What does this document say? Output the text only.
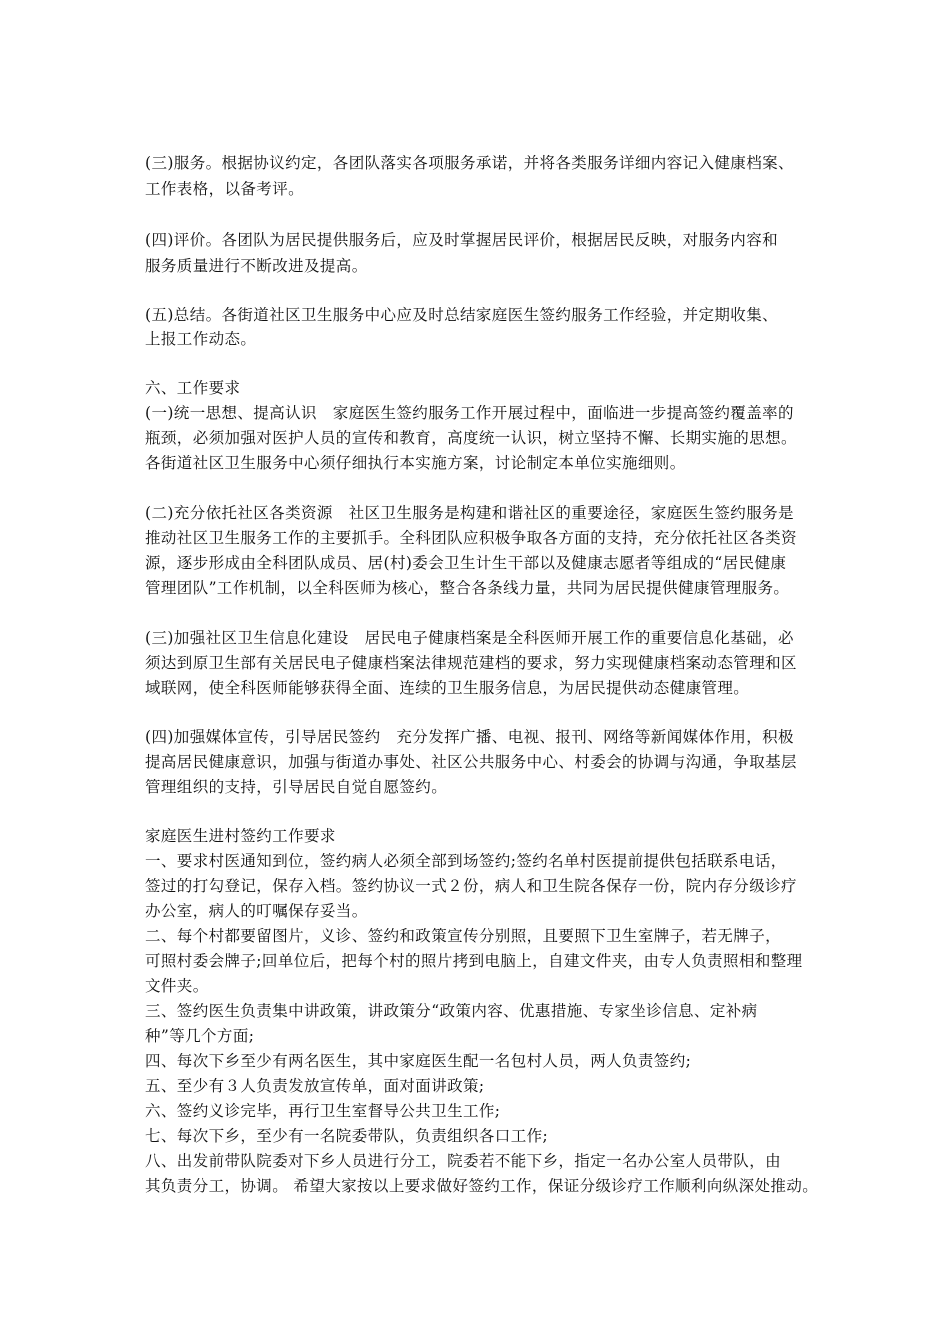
(三)服务。根据协议约定，各团队落实各项服务承诺，并将各类服务详细内容记入健康档案、
工作表格，以备考评。
(四)评价。各团队为居民提供服务后，应及时掌握居民评价，根据居民反映，对服务内容和
服务质量进行不断改进及提高。
(五)总结。各街道社区卫生服务中心应及时总结家庭医生签约服务工作经验，并定期收集、
上报工作动态。
六、工作要求
(一)统一思想、提高认识　家庭医生签约服务工作开展过程中，面临进一步提高签约覆盖率的
瓶颈，必须加强对医护人员的宣传和教育，高度统一认识，树立坚持不懈、长期实施的思想。
各街道社区卫生服务中心须仔细执行本实施方案，讨论制定本单位实施细则。
(二)充分依托社区各类资源　社区卫生服务是构建和谐社区的重要途径，家庭医生签约服务是
推动社区卫生服务工作的主要抓手。全科团队应积极争取各方面的支持，充分依托社区各类资
源，逐步形成由全科团队成员、居(村)委会卫生计生干部以及健康志愿者等组成的“居民健康
管理团队”工作机制，以全科医师为核心，整合各条线力量，共同为居民提供健康管理服务。
(三)加强社区卫生信息化建设　居民电子健康档案是全科医师开展工作的重要信息化基础，必
须达到原卫生部有关居民电子健康档案法律规范建档的要求，努力实现健康档案动态管理和区
域联网，使全科医师能够获得全面、连续的卫生服务信息，为居民提供动态健康管理。
(四)加强媒体宣传，引导居民签约　充分发挥广播、电视、报刊、网络等新闻媒体作用，积极
提高居民健康意识，加强与街道办事处、社区公共服务中心、村委会的协调与沟通，争取基层
管理组织的支持，引导居民自觉自愿签约。
家庭医生进村签约工作要求
一、要求村医通知到位，签约病人必须全部到场签约;签约名单村医提前提供包括联系电话，
签过的打勾登记，保存入档。签约协议一式２份，病人和卫生院各保存一份，院内存分级诊疗
办公室，病人的叮嘱保存妥当。
二、每个村都要留图片，义诊、签约和政策宣传分别照，且要照下卫生室牌子，若无牌子，
可照村委会牌子;回单位后，把每个村的照片拷到电脑上，自建文件夹，由专人负责照相和整理
文件夹。
三、签约医生负责集中讲政策，讲政策分“政策内容、优惠措施、专家坐诊信息、定补病
种”等几个方面;
四、每次下乡至少有两名医生，其中家庭医生配一名包村人员，两人负责签约;
五、至少有３人负责发放宣传单，面对面讲政策;
六、签约义诊完毕，再行卫生室督导公共卫生工作;
七、每次下乡，至少有一名院委带队，负责组织各口工作;
八、出发前带队院委对下乡人员进行分工，院委若不能下乡，指定一名办公室人员带队，由
其负责分工，协调。 希望大家按以上要求做好签约工作，保证分级诊疗工作顺利向纵深处推动。
